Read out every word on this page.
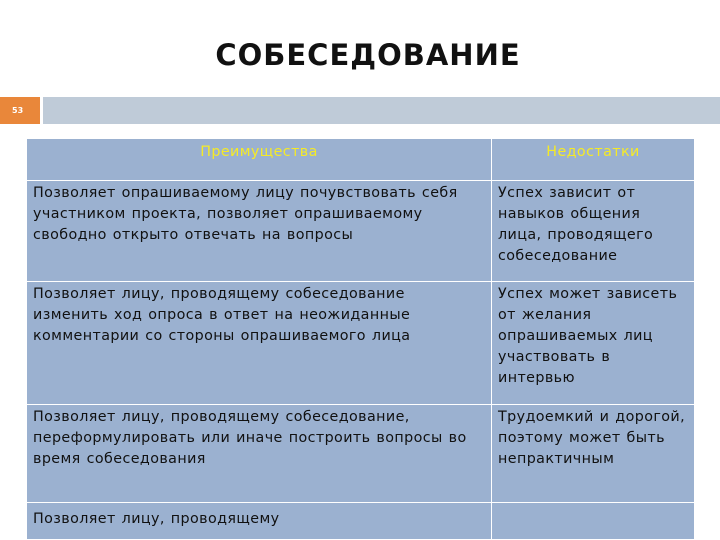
СОБЕСЕДОВАНИЕ
53
Преимущества	Недостатки
Позволяет опрашиваемому лицу почувствовать себя участником проекта, позволяет опрашиваемому свободно открыто отвечать на вопросы	Успех зависит от навыков общения лица, проводящего собеседование
Позволяет лицу, проводящему собеседование изменить ход опроса в ответ на неожиданные комментарии со стороны опрашиваемого лица	Успех может зависеть от желания опрашиваемых лиц участвовать в интервью
Позволяет лицу, проводящему собеседование, переформулировать или иначе построить вопросы во время собеседования	Трудоемкий и дорогой, поэтому может быть непрактичным
Позволяет лицу, проводящему	
